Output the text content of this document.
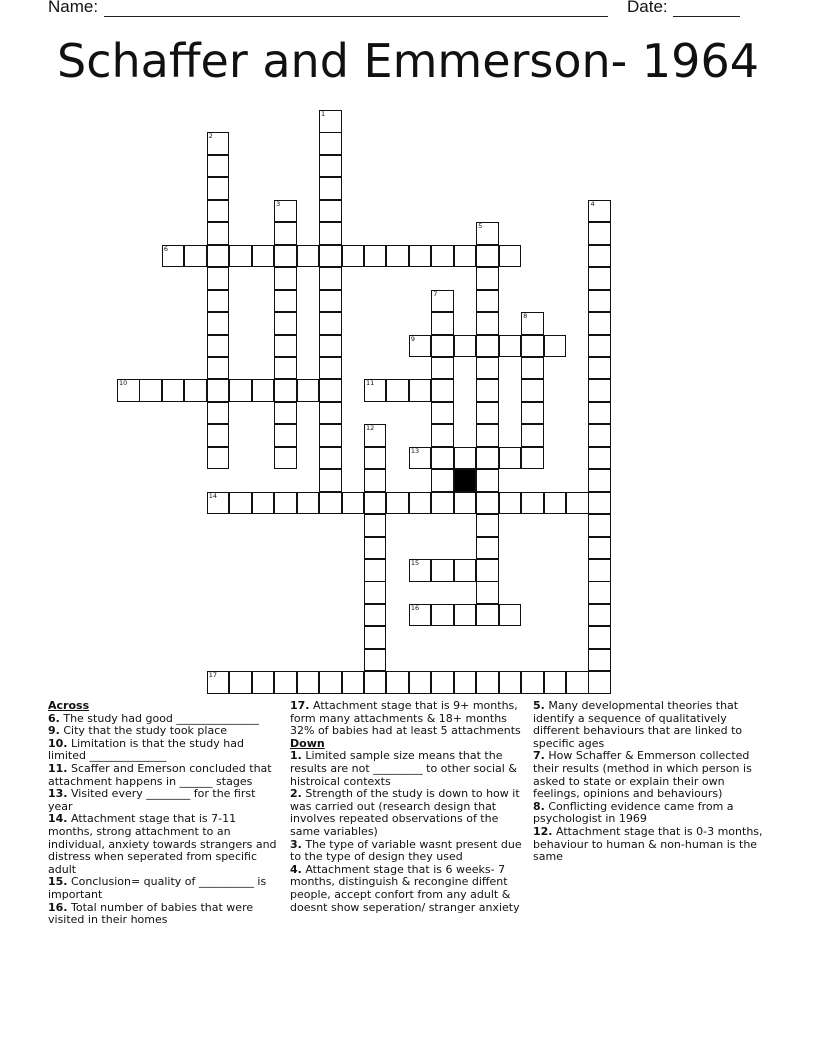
Name:	Date:
Schaffer and Emmerson- 1964
1
2
3	4
5
6
7
8
9
10	11
12
13
14
15
16
17
Across
6. The study had good _______________
9. City that the study took place
10. Limitation is that the study had limited ______________
11. Scaffer and Emerson concluded that attachment happens in ______ stages
13. Visited every ________ for the first year
14. Attachment stage that is 7-11 months, strong attachment to an individual, anxiety towards strangers and distress when seperated from specific adult
15. Conclusion= quality of __________ is important
16. Total number of babies that were visited in their homes
17. Attachment stage that is 9+ months, form many attachments & 18+ months 32% of babies had at least 5 attachments
Down
1. Limited sample size means that the results are not _________ to other social & histroical contexts
2. Strength of the study is down to how it was carried out (research design that involves repeated observations of the same variables)
3. The type of variable wasnt present due to the type of design they used
4. Attachment stage that is 6 weeks- 7 months, distinguish & recongine diffent people, accept confort from any adult & doesnt show seperation/ stranger anxiety
5. Many developmental theories that identify a sequence of qualitatively different behaviours that are linked to specific ages
7. How Schaffer & Emmerson collected their results (method in which person is asked to state or explain their own feelings, opinions and behaviours)
8. Conflicting evidence came from a psychologist in 1969
12. Attachment stage that is 0-3 months, behaviour to human & non-human is the same
